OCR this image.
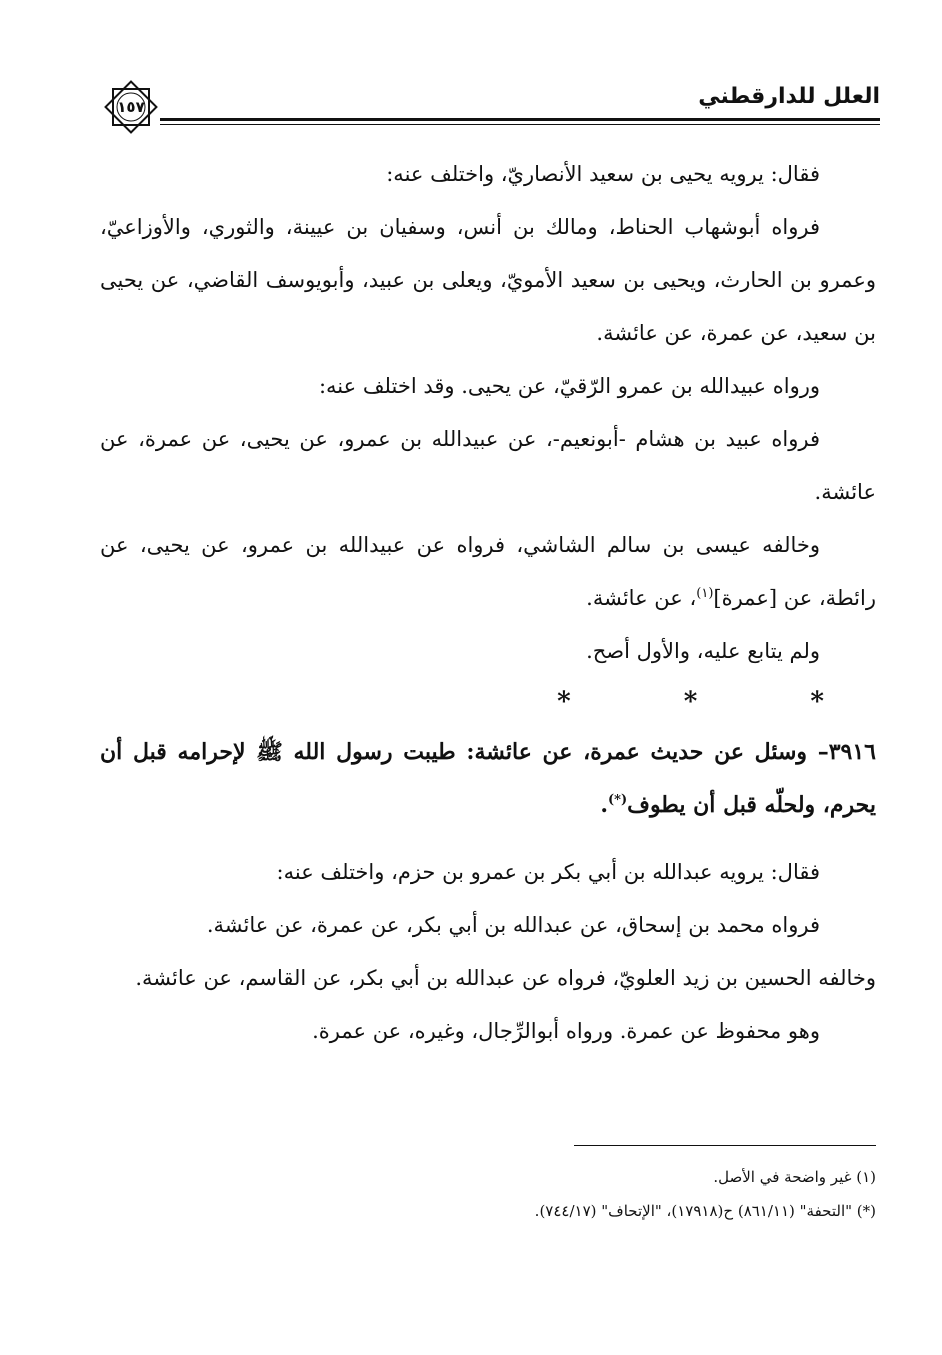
العلل للدارقطني
١٥٧

فقال: يرويه يحيى بن سعيد الأنصاريّ، واختلف عنه:

فرواه أبوشهاب الحناط، ومالك بن أنس، وسفيان بن عيينة، والثوري، والأوزاعيّ، وعمرو بن الحارث، ويحيى بن سعيد الأمويّ، ويعلى بن عبيد، وأبويوسف القاضي، عن يحيى بن سعيد، عن عمرة، عن عائشة.

ورواه عبيدالله بن عمرو الرّقيّ، عن يحيى. وقد اختلف عنه:

فرواه عبيد بن هشام -أبونعيم-، عن عبيدالله بن عمرو، عن يحيى، عن عمرة، عن عائشة.

وخالفه عيسى بن سالم الشاشي، فرواه عن عبيدالله بن عمرو، عن يحيى، عن رائطة، عن [عمرة]$^{(١)}$، عن عائشة.

ولم يتابع عليه، والأول أصح.

* * *

٣٩١٦– وسئل عن حديث عمرة، عن عائشة: طيبت رسول الله ﷺ لإحرامه قبل أن يحرم، ولحلّه قبل أن يطوف(*).

فقال: يرويه عبدالله بن أبي بكر بن عمرو بن حزم، واختلف عنه:

فرواه محمد بن إسحاق، عن عبدالله بن أبي بكر، عن عمرة، عن عائشة.

وخالفه الحسين بن زيد العلويّ، فرواه عن عبدالله بن أبي بكر، عن القاسم، عن عائشة.

وهو محفوظ عن عمرة. ورواه أبوالرِّجال، وغيره، عن عمرة.

(١) غير واضحة في الأصل.

(*) "التحفة" (٨٦١/١١) ح(١٧٩١٨)، "الإتحاف" (٧٤٤/١٧).
